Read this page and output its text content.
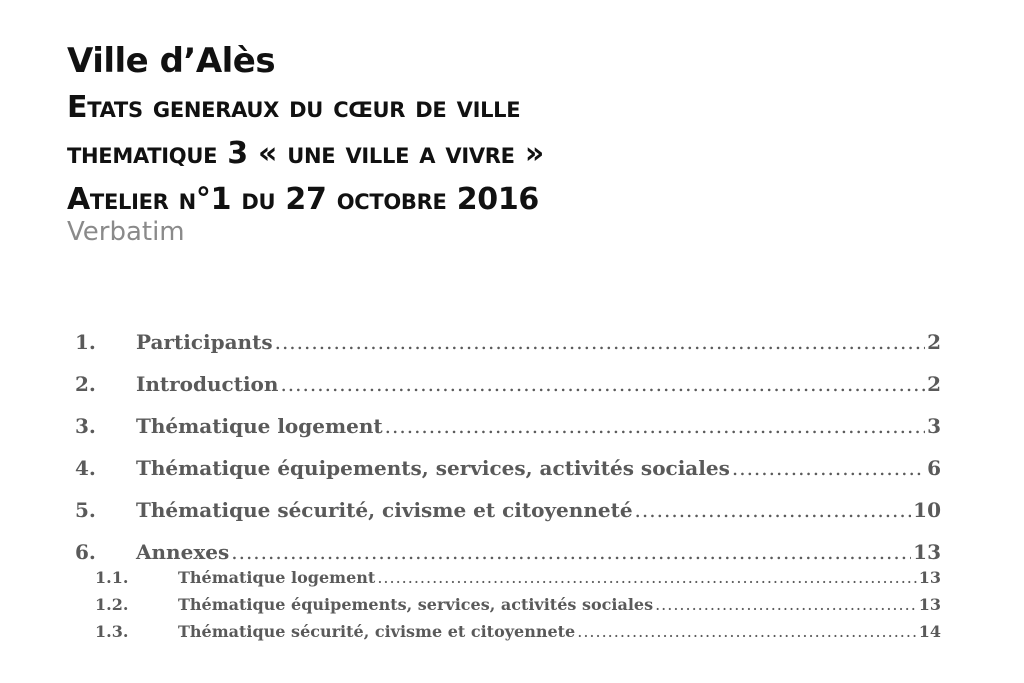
Ville d’Alès
Etats generaux du cœur de ville
thematique 3 « une ville a vivre »
Atelier n°1 du 27 octobre 2016
Verbatim
1.	Participants .....	2
2.	Introduction .....	2
3.	Thématique logement .....	3
4.	Thématique équipements, services, activités sociales .....	6
5.	Thématique sécurité, civisme et citoyenneté .....	10
6.	Annexes .....	13
1.1.	Thématique logement .....	13
1.2.	Thématique équipements, services, activités sociales .....	13
1.3.	Thématique sécurité, civisme et citoyennete .....	14
